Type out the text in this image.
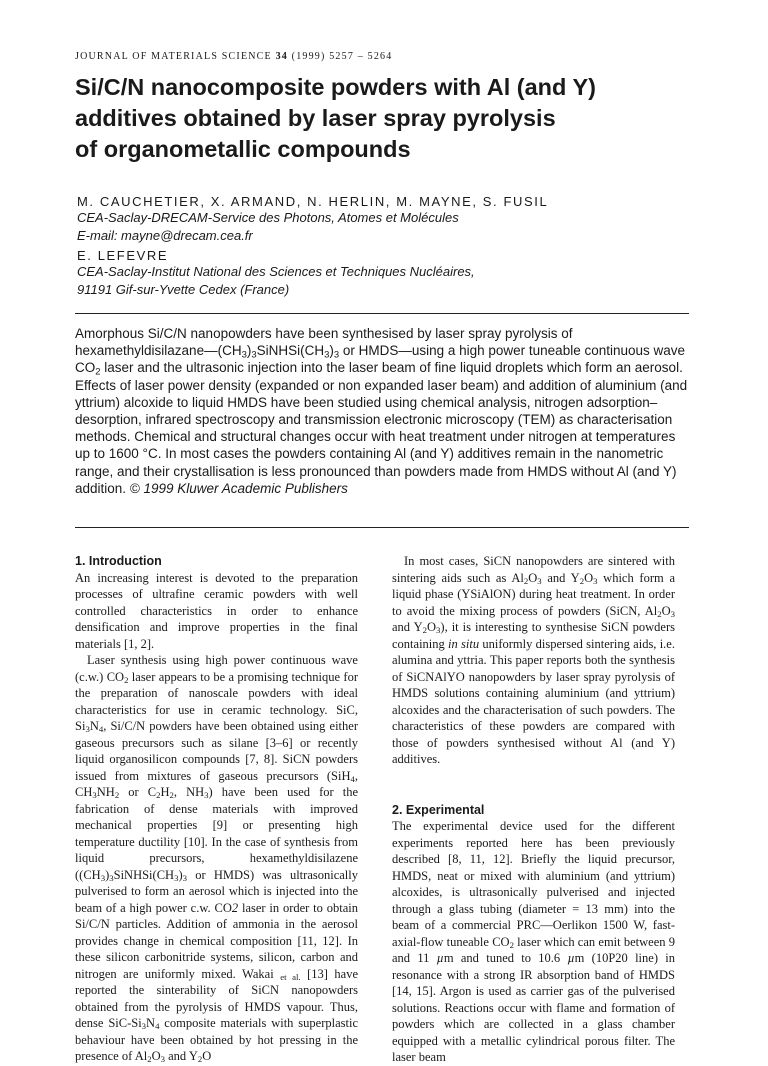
JOURNAL OF MATERIALS SCIENCE 34 (1999) 5257 – 5264
Si/C/N nanocomposite powders with Al (and Y)
additives obtained by laser spray pyrolysis
of organometallic compounds
M. CAUCHETIER, X. ARMAND, N. HERLIN, M. MAYNE, S. FUSIL
CEA-Saclay-DRECAM-Service des Photons, Atomes et Molécules
E-mail: mayne@drecam.cea.fr
E. LEFEVRE
CEA-Saclay-Institut National des Sciences et Techniques Nucléaires,
91191 Gif-sur-Yvette Cedex (France)

Amorphous Si/C/N nanopowders have been synthesised by laser spray pyrolysis of $hexamethyldisilazane—(CH_3)_3SiNHSi(CH_3)_3$ or HMDS—using a high power tuneable continuous wave $CO_2$ laser and the ultrasonic injection into the laser beam of fine liquid droplets which form an aerosol. Effects of laser power density (expanded or non expanded laser beam) and addition of aluminium (and yttrium) alcoxide to liquid HMDS have been studied using chemical analysis, nitrogen adsorption–desorption, infrared spectroscopy and transmission electronic microscopy (TEM) as characterisation methods. Chemical and structural changes occur with heat treatment under nitrogen at temperatures up to 1600 °C. In most cases the powders containing Al (and Y) additives remain in the nanometric range, and their crystallisation is less pronounced than powders made from HMDS without Al (and Y) addition. © 1999 Kluwer Academic Publishers

1. Introduction

An increasing interest is devoted to the preparation processes of ultrafine ceramic powders with well controlled characteristics in order to enhance densification and improve properties in the final materials [1, 2].

Laser synthesis using high power continuous wave (c.w.) $CO_2$ laser appears to be a promising technique for the preparation of nanoscale powders with ideal characteristics for use in ceramic technology. SiC, $Si_3N_4$, Si/C/N powders have been obtained using either gaseous precursors such as silane [3–6] or recently liquid organosilicon compounds [7, 8]. SiCN powders issued from mixtures of gaseous precursors (SiH$_4$, $CH_3NH_2$ or $C_2H_2$, $NH_3$) have been used for the fabrication of dense materials with improved mechanical properties [9] or presenting high temperature ductility [10]. In the case of synthesis from liquid precursors, hexamethyldisilazene ($(CH_3)_3SiNHSi(CH_3)_3$ or HMDS) was ultrasonically pulverised to form an aerosol which is injected into the beam of a high power c.w. CO2 laser in order to obtain Si/C/N particles. Addition of ammonia in the aerosol provides change in chemical composition [11, 12]. In these silicon carbonitride systems, silicon, carbon and nitrogen are uniformly mixed. Wakai $_{et al.}$ [13] have reported the sinterability of SiCN nanopowders obtained from the pyrolysis of HMDS vapour. Thus, dense SiC-$Si_3N_4$ composite materials with superplastic behaviour have been obtained by hot pressing in the presence of $Al_2O_3$ and $Y_2O$

In most cases, SiCN nanopowders are sintered with sintering aids such as $Al_2O_3$ and $Y_2O_3$ which form a liquid phase (YSiAlON) during heat treatment. In order to avoid the mixing process of powders (SiCN, $Al_2O_3$ and $Y_2O_3$), it is interesting to synthesise SiCN powders containing in situ uniformly dispersed sintering aids, i.e. alumina and yttria. This paper reports both the synthesis of SiCNAlYO nanopowders by laser spray pyrolysis of HMDS solutions containing aluminium (and yttrium) alcoxides and the characterisation of such powders. The characteristics of these powders are compared with those of powders synthesised without Al (and Y) additives.

2. Experimental

The experimental device used for the different experiments reported here has been previously described [8, 11, 12]. Briefly the liquid precursor, HMDS, neat or mixed with aluminium (and yttrium) alcoxides, is ultrasonically pulverised and injected through a glass tubing (diameter = 13 mm) into the beam of a commercial PRC—Oerlikon 1500 W, fast-axial-flow tuneable $CO_2$ laser which can emit between 9 and 11 µm and tuned to 10.6 µm (10P20 line) in resonance with a strong IR absorption band of HMDS [14, 15]. Argon is used as carrier gas of the pulverised solutions. Reactions occur with flame and formation of powders which are collected in a glass chamber equipped with a metallic cylindrical porous filter. The laser beam
